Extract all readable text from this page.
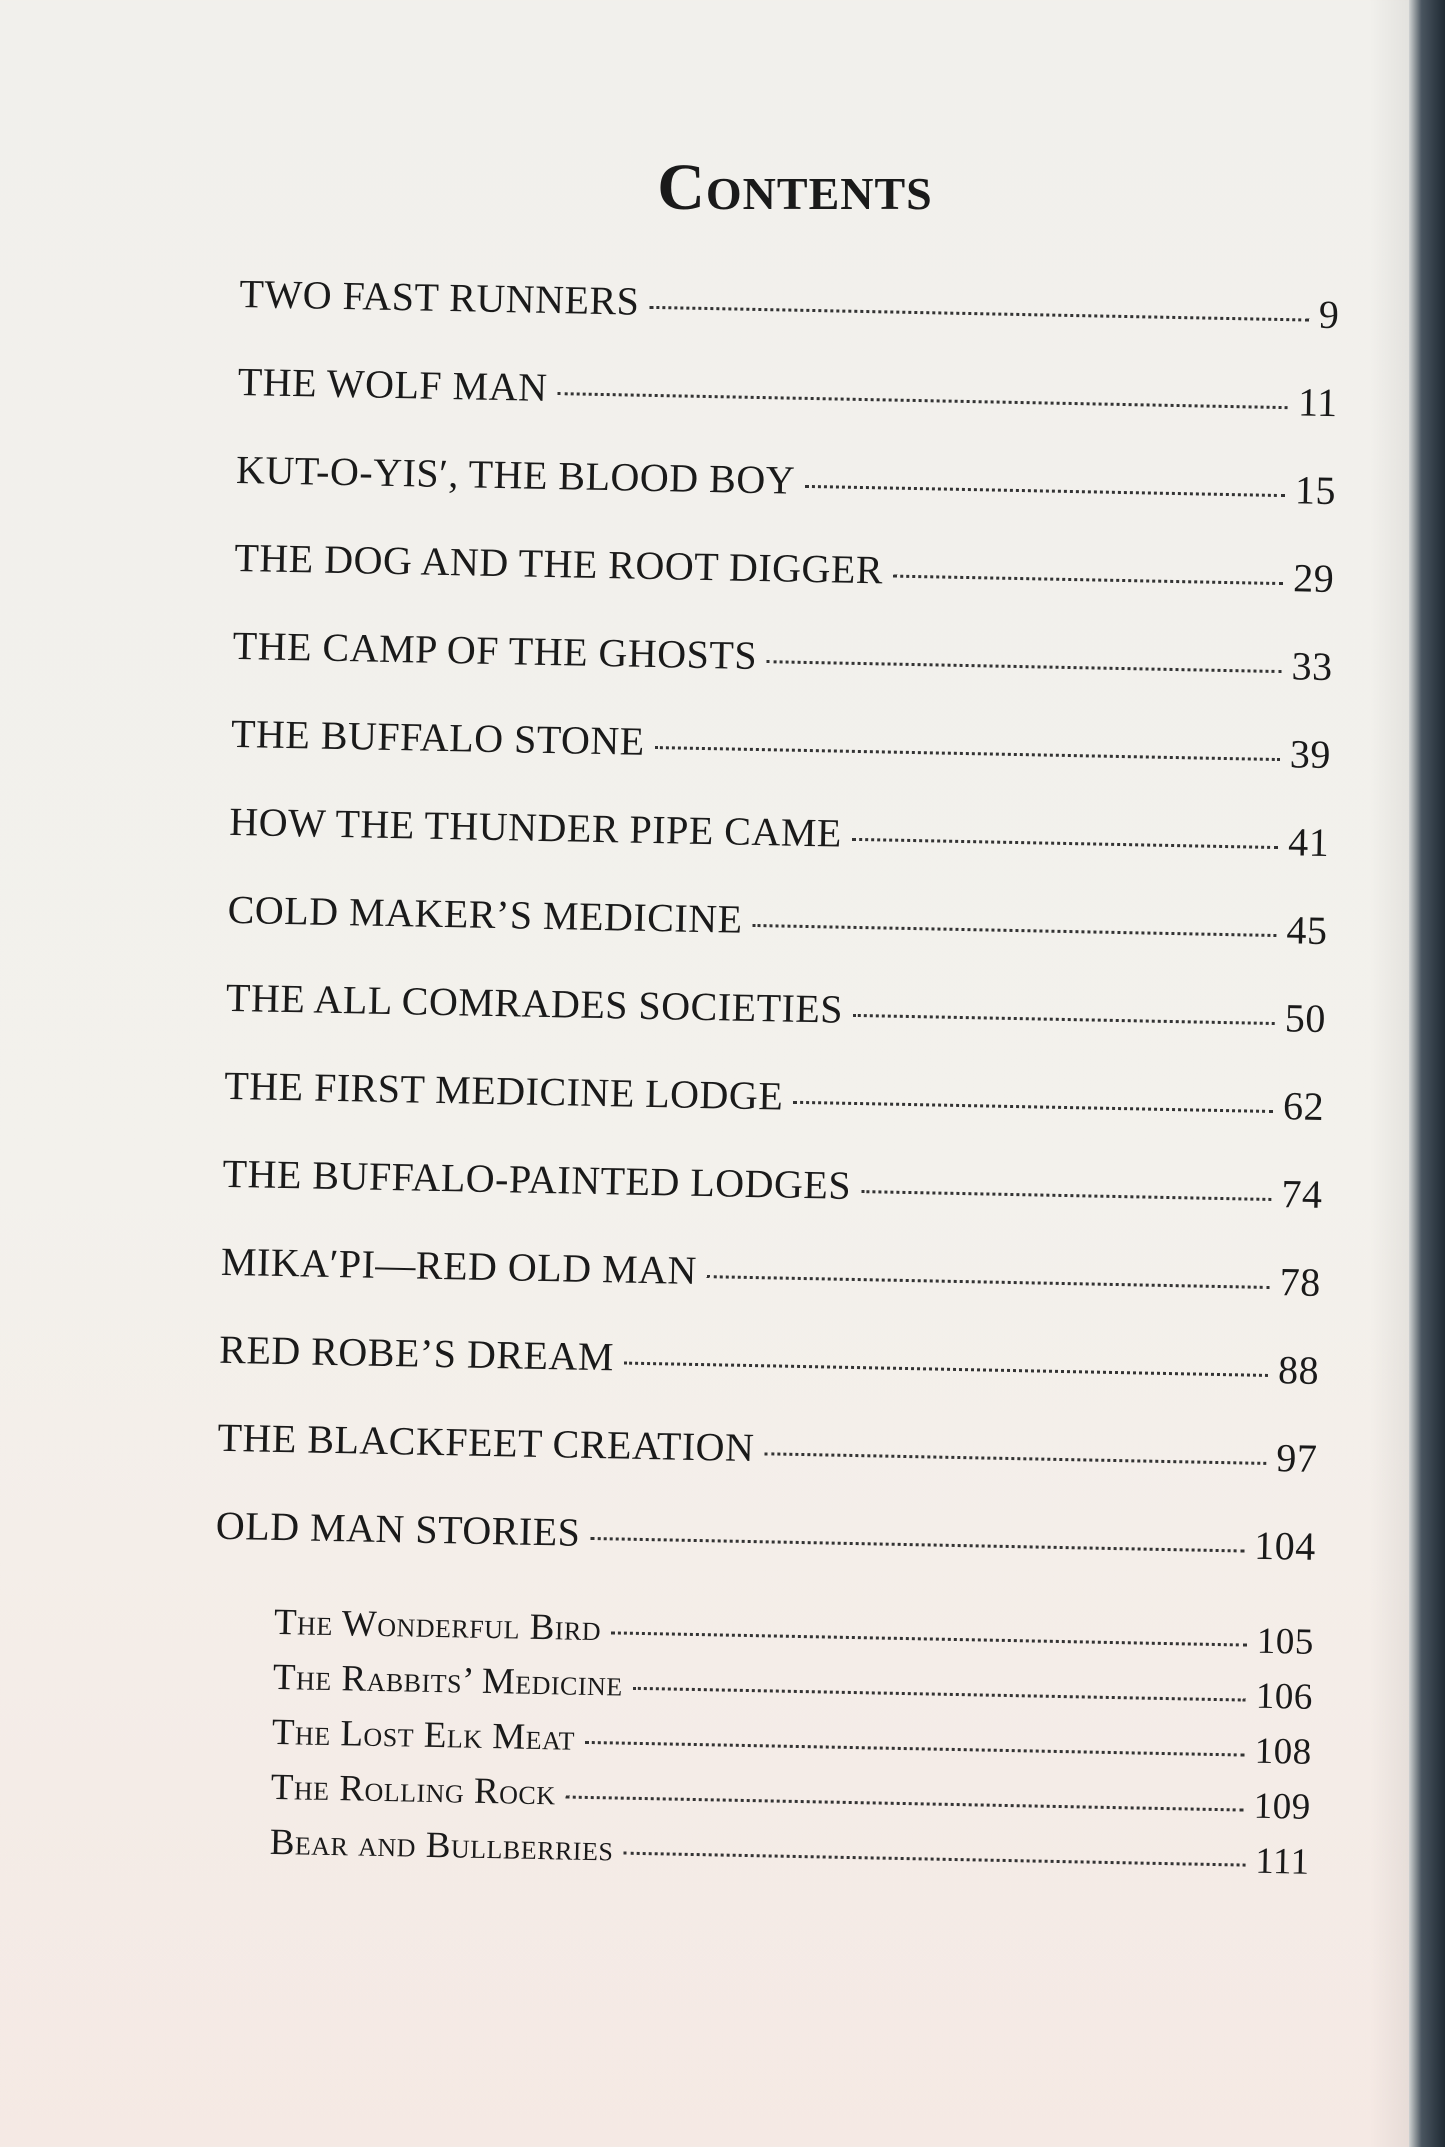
Contents
TWO FAST RUNNERS	9
THE WOLF MAN	11
KUT-O-YIS′, THE BLOOD BOY	15
THE DOG AND THE ROOT DIGGER	29
THE CAMP OF THE GHOSTS	33
THE BUFFALO STONE	39
HOW THE THUNDER PIPE CAME	41
COLD MAKER’S MEDICINE	45
THE ALL COMRADES SOCIETIES	50
THE FIRST MEDICINE LODGE	62
THE BUFFALO-PAINTED LODGES	74
MIKA′PI—RED OLD MAN	78
RED ROBE’S DREAM	88
THE BLACKFEET CREATION	97
OLD MAN STORIES	104
The Wonderful Bird	105
The Rabbits’ Medicine	106
The Lost Elk Meat	108
The Rolling Rock	109
Bear and Bullberries	111
